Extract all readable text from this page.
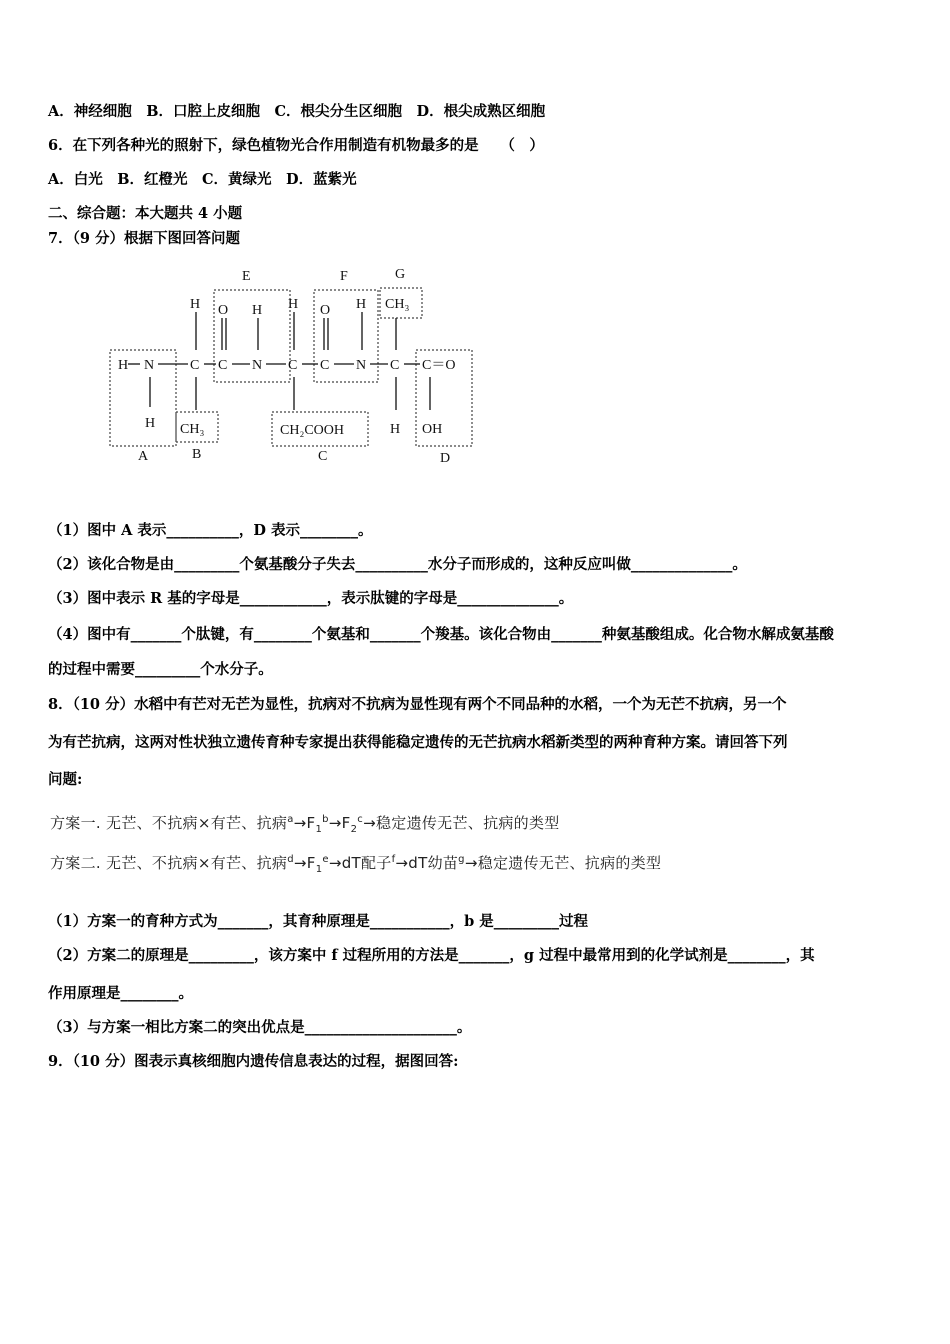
A．神经细胞　B．口腔上皮细胞　C．根尖分生区细胞　D．根尖成熟区细胞
6．在下列各种光的照射下，绿色植物光合作用制造有机物最多的是　　（　）
A．白光　B．红橙光　C．黄绿光　D．蓝紫光
二、综合题：本大题共 4 小题
7．（9 分）根据下图回答问题
E	F	G
A	B	C	D
H N
H
H
C
CH₃
O
C
H
N
H
C
CH₂COOH
O
C
H
N
CH₃
C
H
C＝O
OH
（1）图中 A 表示__________，D 表示________。
（2）该化合物是由_________个氨基酸分子失去__________水分子而形成的，这种反应叫做______________。
（3）图中表示 R 基的字母是____________，表示肽键的字母是______________。
（4）图中有_______个肽键，有________个氨基和_______个羧基。该化合物由_______种氨基酸组成。化合物水解成氨基酸
的过程中需要_________个水分子。
8．（10 分）水稻中有芒对无芒为显性，抗病对不抗病为显性现有两个不同品种的水稻，一个为无芒不抗病，另一个
为有芒抗病，这两对性状独立遗传育种专家提出获得能稳定遗传的无芒抗病水稻新类型的两种育种方案。请回答下列
问题:
方案一. 无芒、不抗病×有芒、抗病$^a\to F_1^b\to F_2^c\to$稳定遗传无芒、抗病的类型
方案二. 无芒、不抗病×有芒、抗病$^d\to F_1^e\to dT$配子$^f$→dT幼苗$^g$→稳定遗传无芒、抗病的类型
（1）方案一的育种方式为_______，其育种原理是___________，b 是_________过程
（2）方案二的原理是_________，该方案中 f 过程所用的方法是_______，g 过程中最常用到的化学试剂是________，其
作用原理是________。
（3）与方案一相比方案二的突出优点是_____________________。
9．（10 分）图表示真核细胞内遗传信息表达的过程，据图回答:
